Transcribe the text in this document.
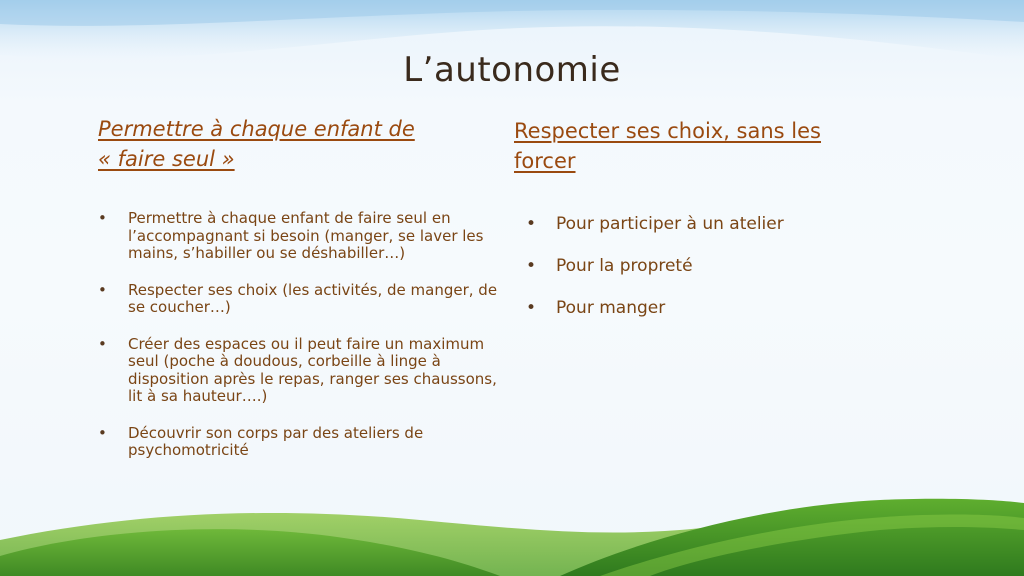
L’autonomie
Permettre à chaque enfant de
« faire seul »
Respecter ses choix, sans les
forcer
• Permettre à chaque enfant de faire seul en l’accompagnant si besoin (manger, se laver les mains, s’habiller ou se déshabiller…)
• Respecter ses choix (les activités, de manger, de se coucher…)
• Créer des espaces ou il peut faire un maximum seul (poche à doudous, corbeille à linge à disposition après le repas, ranger ses chaussons, lit à sa hauteur….)
• Découvrir son corps par des ateliers de psychomotricité
• Pour participer à un atelier
• Pour la propreté
• Pour manger
